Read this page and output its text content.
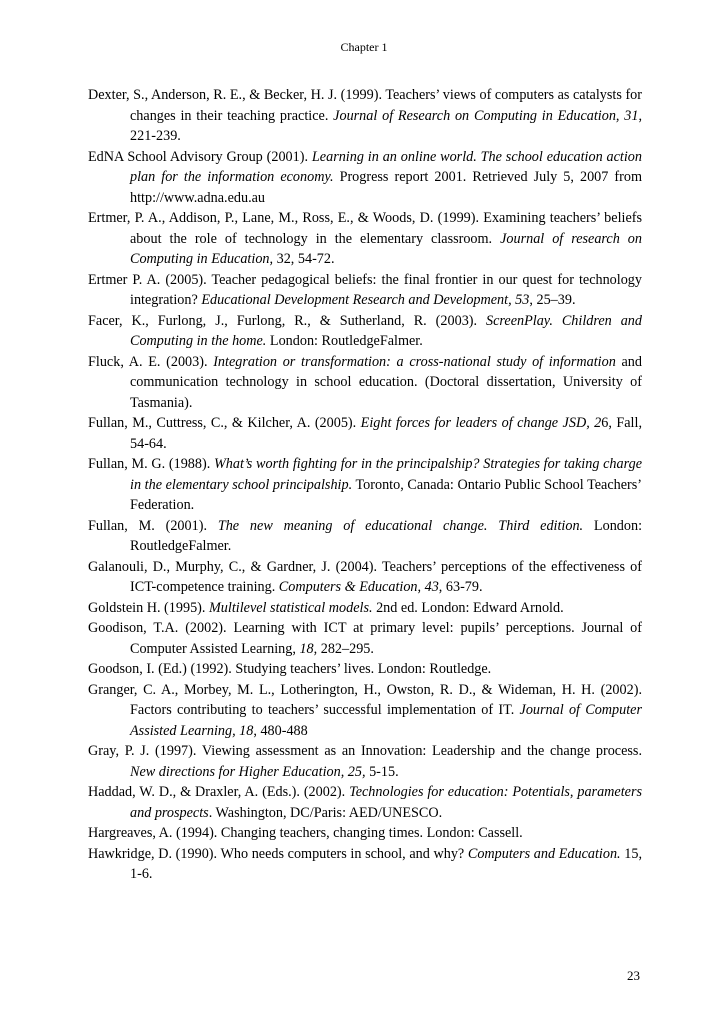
Chapter 1

Dexter, S., Anderson, R. E., & Becker, H. J. (1999). Teachers’ views of computers as catalysts for changes in their teaching practice. Journal of Research on Computing in Education, 31, 221-239.

EdNA School Advisory Group (2001). Learning in an online world. The school education action plan for the information economy. Progress report 2001. Retrieved July 5, 2007 from http://www.adna.edu.au

Ertmer, P. A., Addison, P., Lane, M., Ross, E., & Woods, D. (1999). Examining teachers’ beliefs about the role of technology in the elementary classroom. Journal of research on Computing in Education, 32, 54-72.

Ertmer P. A. (2005). Teacher pedagogical beliefs: the final frontier in our quest for technology integration? Educational Development Research and Development, 53, 25–39.

Facer, K., Furlong, J., Furlong, R., & Sutherland, R. (2003). ScreenPlay. Children and Computing in the home. London: RoutledgeFalmer.

Fluck, A. E. (2003). Integration or transformation: a cross-national study of information and communication technology in school education. (Doctoral dissertation, University of Tasmania).

Fullan, M., Cuttress, C., & Kilcher, A. (2005). Eight forces for leaders of change JSD, 26, Fall, 54-64.

Fullan, M. G. (1988). What’s worth fighting for in the principalship? Strategies for taking charge in the elementary school principalship. Toronto, Canada: Ontario Public School Teachers’ Federation.

Fullan, M. (2001). The new meaning of educational change. Third edition. London: RoutledgeFalmer.

Galanouli, D., Murphy, C., & Gardner, J. (2004). Teachers’ perceptions of the effectiveness of ICT-competence training. Computers & Education, 43, 63-79.

Goldstein H. (1995). Multilevel statistical models. 2nd ed. London: Edward Arnold.

Goodison, T.A. (2002). Learning with ICT at primary level: pupils’ perceptions. Journal of Computer Assisted Learning, 18, 282–295.

Goodson, I. (Ed.) (1992). Studying teachers’ lives. London: Routledge.

Granger, C. A., Morbey, M. L., Lotherington, H., Owston, R. D., & Wideman, H. H. (2002). Factors contributing to teachers’ successful implementation of IT. Journal of Computer Assisted Learning, 18, 480-488

Gray, P. J. (1997). Viewing assessment as an Innovation: Leadership and the change process. New directions for Higher Education, 25, 5-15.

Haddad, W. D., & Draxler, A. (Eds.). (2002). Technologies for education: Potentials, parameters and prospects. Washington, DC/Paris: AED/UNESCO.

Hargreaves, A. (1994). Changing teachers, changing times. London: Cassell.

Hawkridge, D. (1990). Who needs computers in school, and why? Computers and Education. 15, 1-6.

23
